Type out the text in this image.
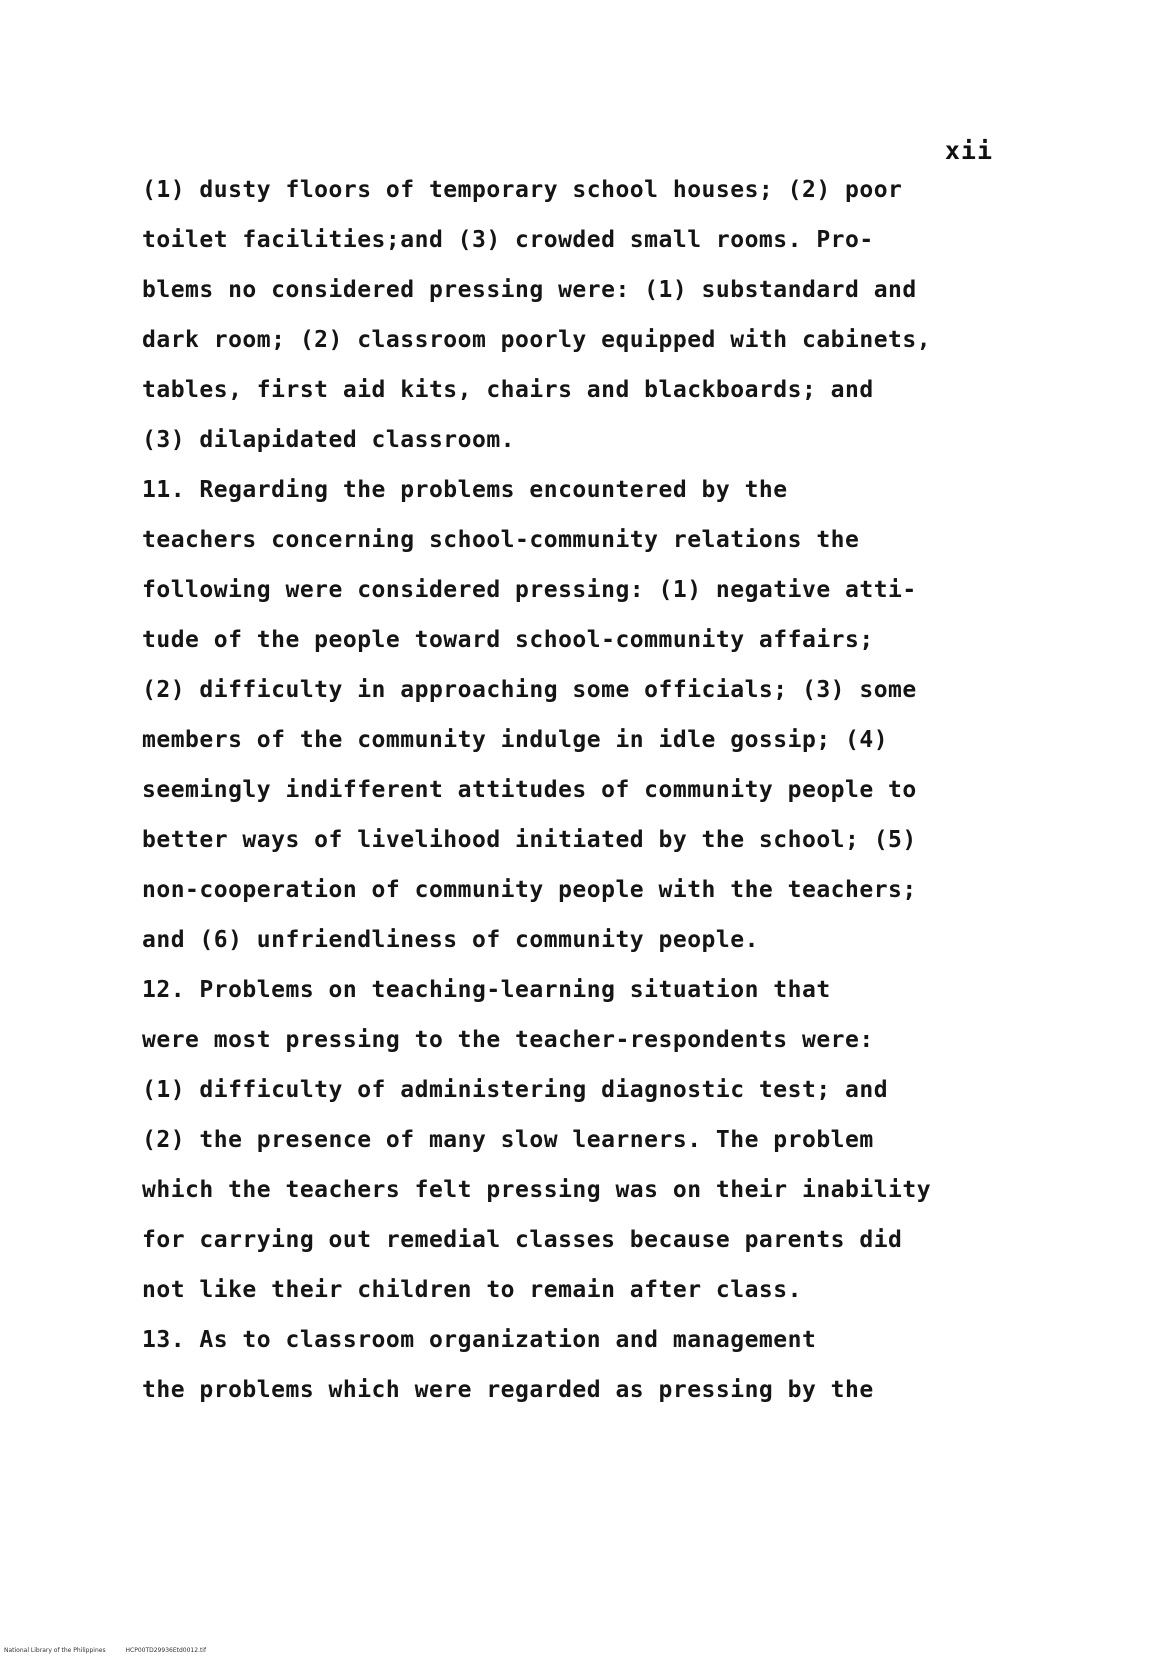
xii
(1) dusty floors of temporary school houses; (2) poor
toilet facilities;and (3) crowded small rooms. Pro-
blems no considered pressing were: (1) substandard and
dark room; (2) classroom poorly equipped with cabinets,
tables, first aid kits, chairs and blackboards; and
(3) dilapidated classroom.
11. Regarding the problems encountered by the
teachers concerning school-community relations the
following were considered pressing: (1) negative atti-
tude of the people toward school-community affairs;
(2) difficulty in approaching some officials; (3) some
members of the community indulge in idle gossip; (4)
seemingly indifferent attitudes of community people to
better ways of livelihood initiated by the school; (5)
non-cooperation of community people with the teachers;
and (6) unfriendliness of community people.
12. Problems on teaching-learning situation that
were most pressing to the teacher-respondents were:
(1) difficulty of administering diagnostic test; and
(2) the presence of many slow learners. The problem
which the teachers felt pressing was on their inability
for carrying out remedial classes because parents did
not like their children to remain after class.
13. As to classroom organization and management
the problems which were regarded as pressing by the
National Library of the Philippines	HCP00TD29936Etd0012.tif
